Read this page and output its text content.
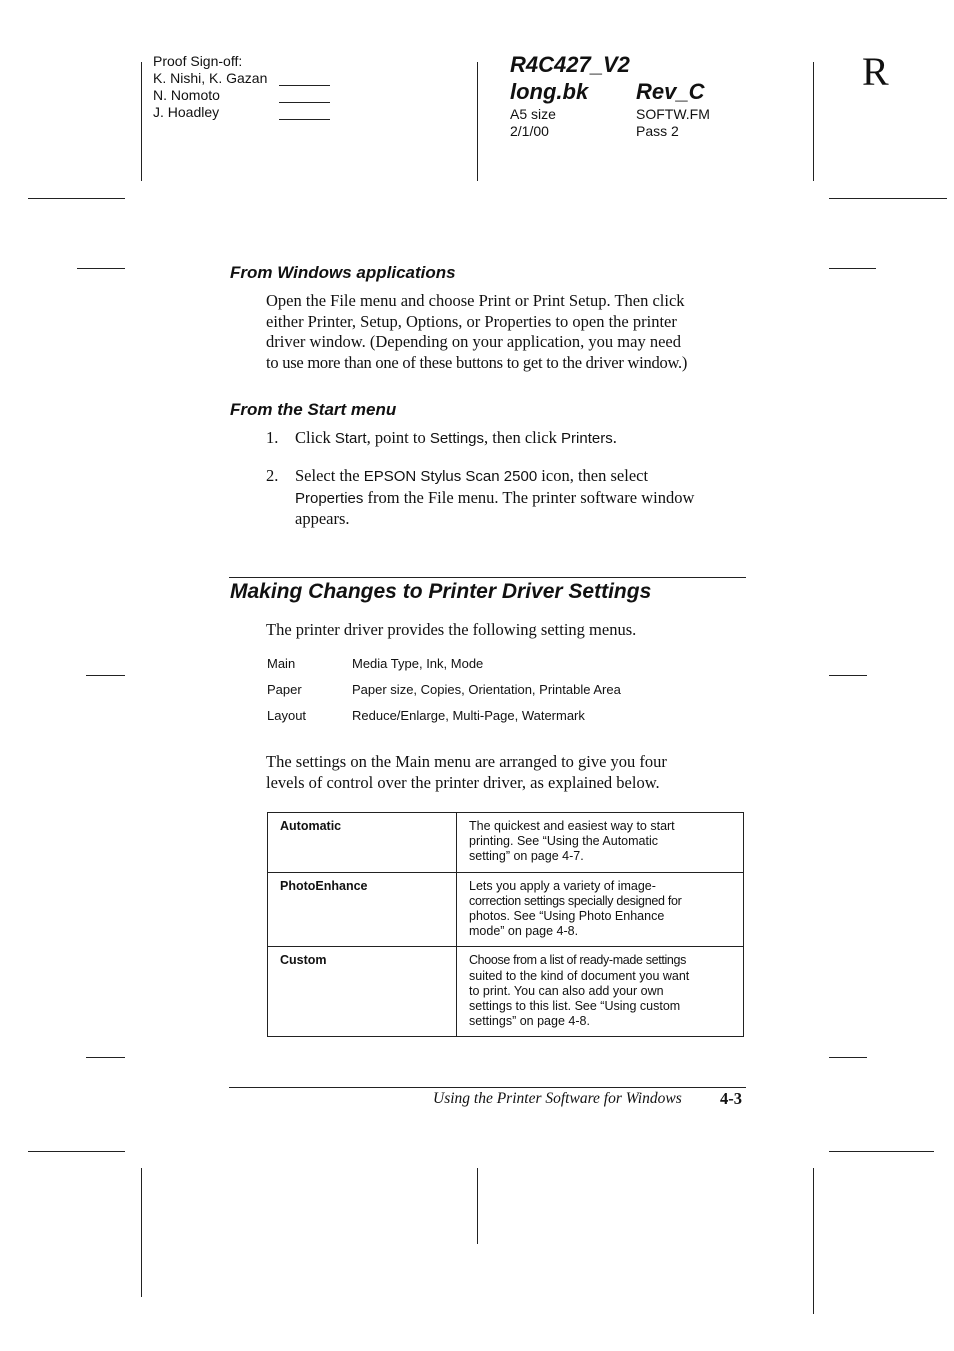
Proof Sign-off:
K. Nishi, K. Gazan
N. Nomoto
J. Hoadley
R4C427_V2
long.bk Rev_C
A5 size
2/1/00
SOFTW.FM
Pass 2
R
From Windows applications
Open the File menu and choose Print or Print Setup. Then click
either Printer, Setup, Options, or Properties to open the printer
driver window. (Depending on your application, you may need
to use more than one of these buttons to get to the driver window.)
From the Start menu
1. Click Start, point to Settings, then click Printers.
2. Select the EPSON Stylus Scan 2500 icon, then select
Properties from the File menu. The printer software window
appears.
Making Changes to Printer Driver Settings
The printer driver provides the following setting menus.
Main	Media Type, Ink, Mode
Paper	Paper size, Copies, Orientation, Printable Area
Layout	Reduce/Enlarge, Multi-Page, Watermark
The settings on the Main menu are arranged to give you four
levels of control over the printer driver, as explained below.
Automatic	The quickest and easiest way to start
printing. See “Using the Automatic
setting” on page 4-7.

PhotoEnhance	Lets you apply a variety of image-
correction settings specially designed for
photos. See “Using Photo Enhance
mode” on page 4-8.

Custom	Choose from a list of ready-made settings
suited to the kind of document you want
to print. You can also add your own
settings to this list. See “Using custom
settings” on page 4-8.
Using the Printer Software for Windows 4-3
